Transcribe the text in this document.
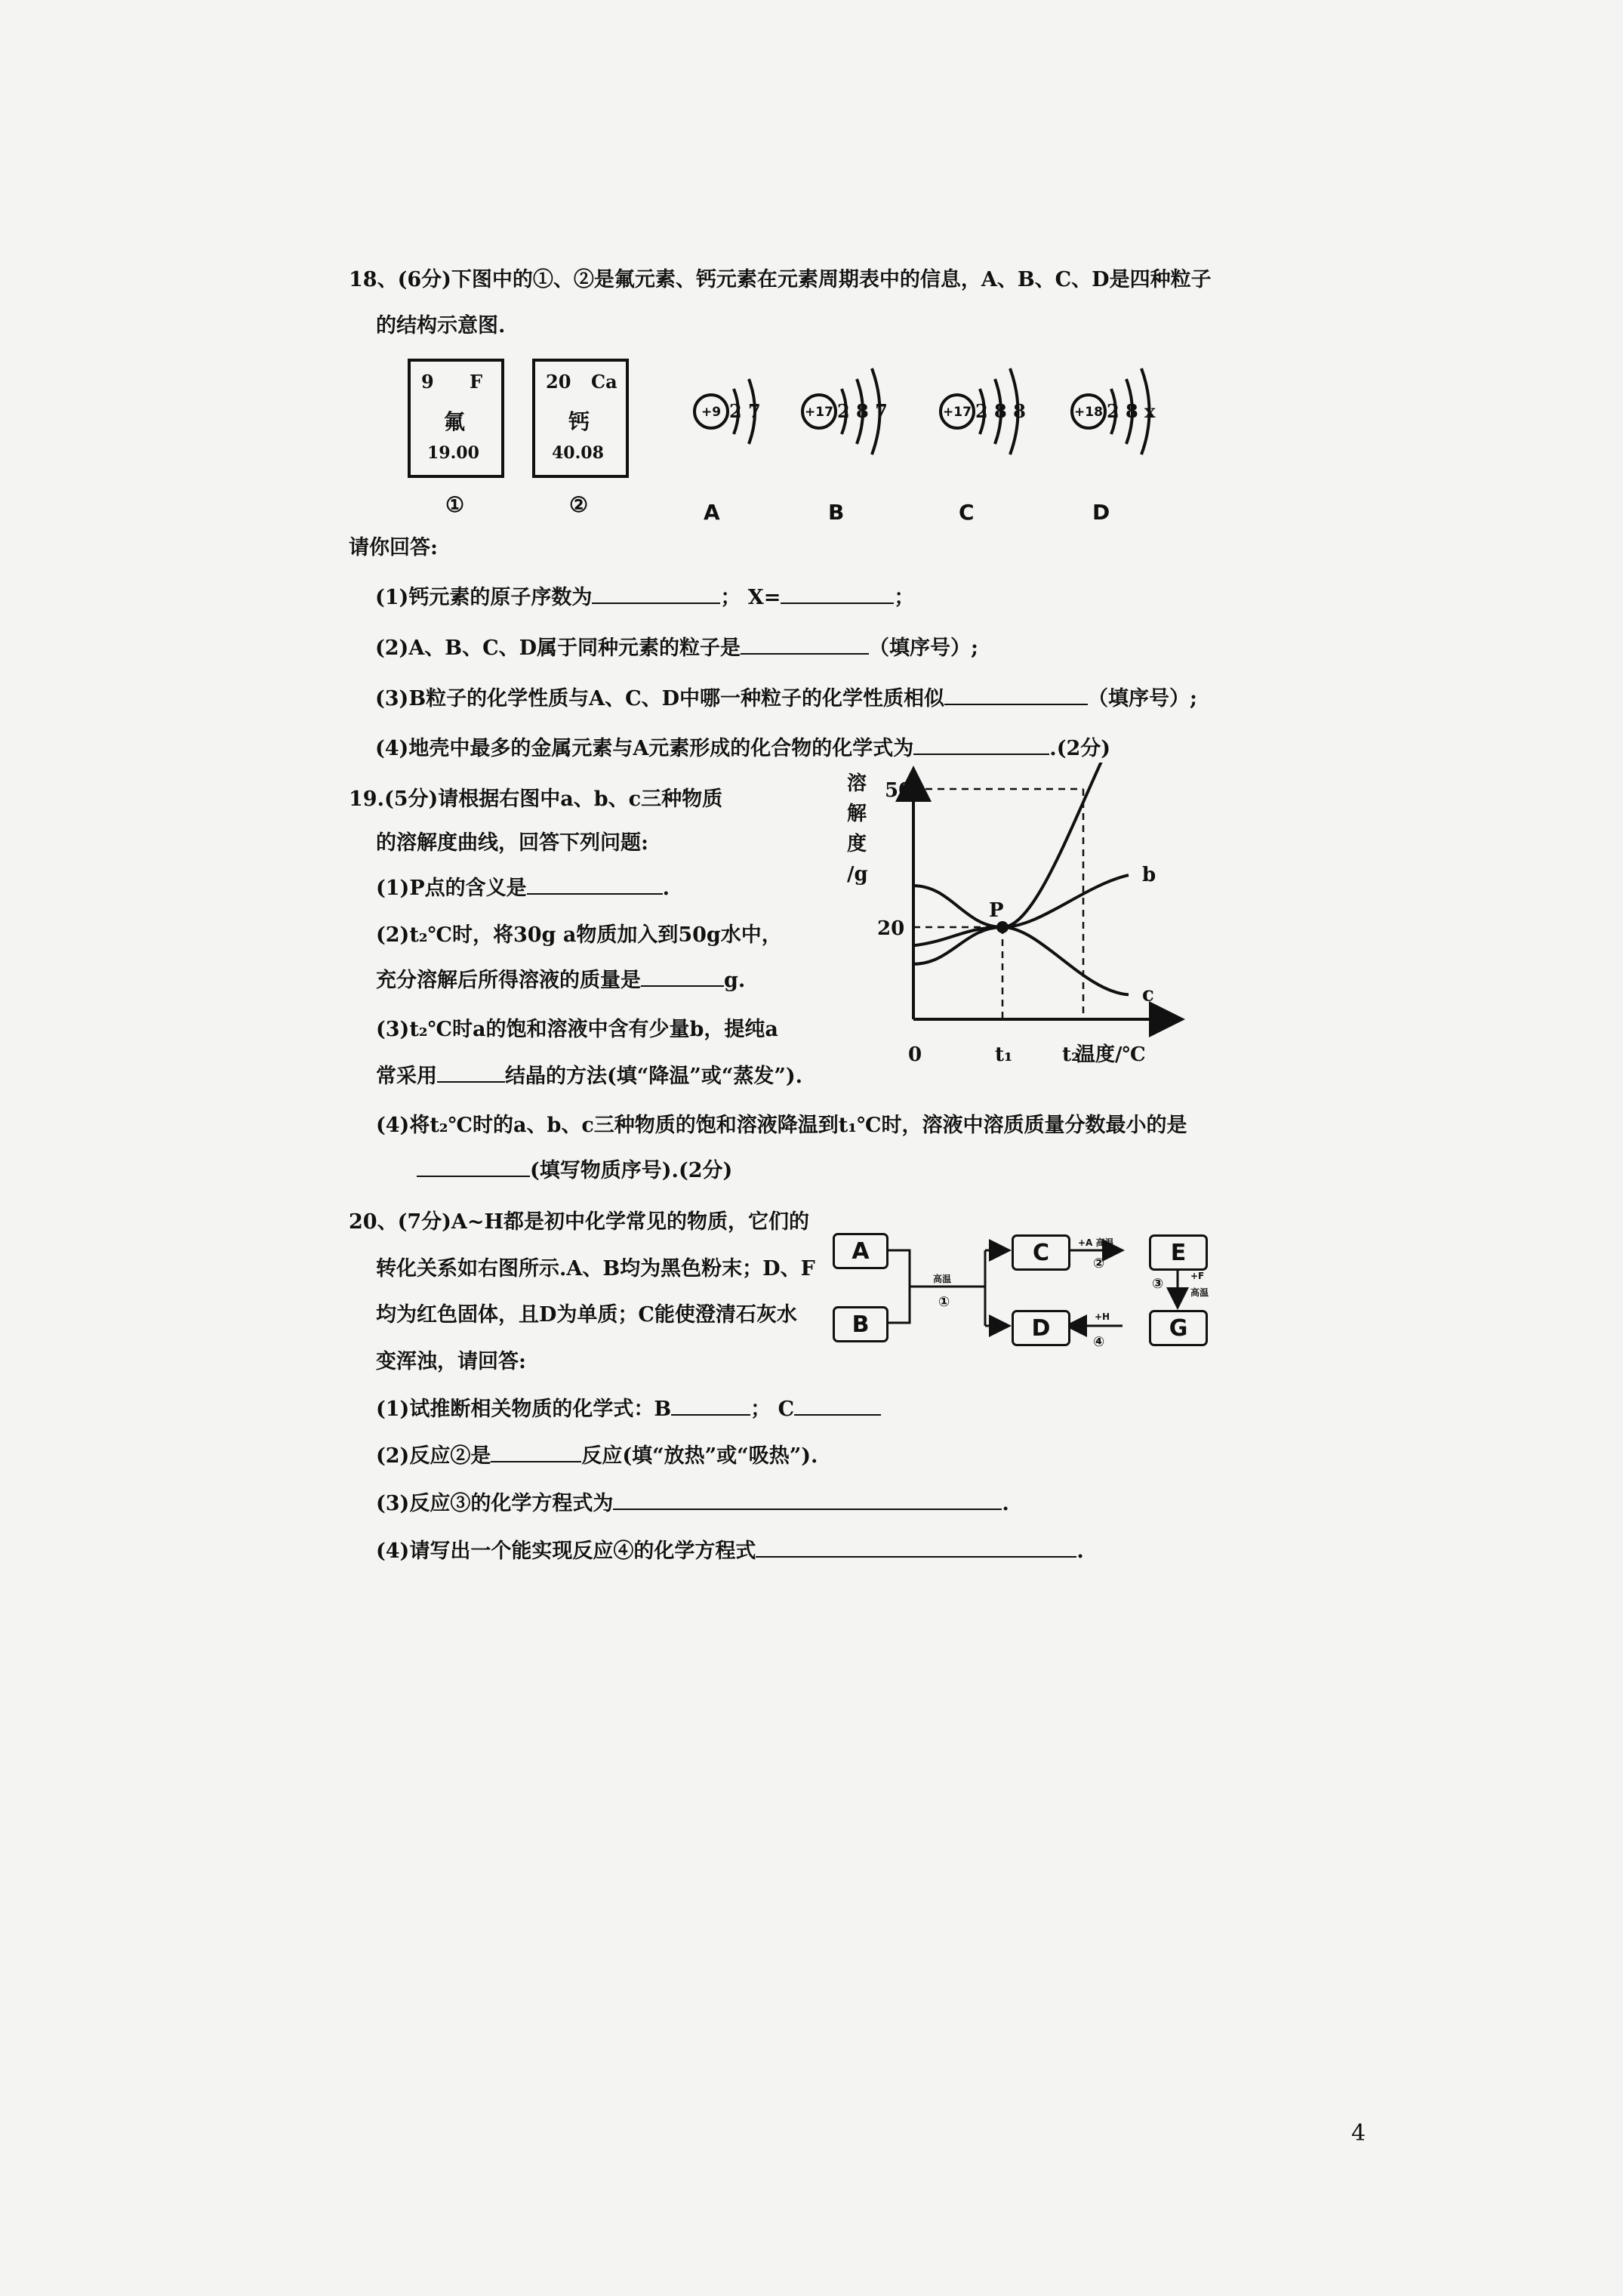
18、(6分)下图中的①、②是氟元素、钙元素在元素周期表中的信息，A、B、C、D是四种粒子
的结构示意图.
9 F
氟
19.00
①
20 Ca
钙
40.08
②
+9	+17	+17	+18
2 7	2 8 7	2 8 8	2 8 x
A	B	C	D
请你回答:
(1)钙元素的原子序数为	； X=	；
(2)A、B、C、D属于同种元素的粒子是	（填序号）;
(3)B粒子的化学性质与A、C、D中哪一种粒子的化学性质相似	（填序号）;
(4)地壳中最多的金属元素与A元素形成的化合物的化学式为	.(2分)
19.(5分)请根据右图中a、b、c三种物质
的溶解度曲线，回答下列问题:
(1)P点的含义是	.
(2)t₂℃时，将30g a物质加入到50g水中，
充分溶解后所得溶液的质量是	g.
(3)t₂℃时a的饱和溶液中含有少量b，提纯a
常采用	结晶的方法(填“降温”或“蒸发”).
(4)将t₂℃时的a、b、c三种物质的饱和溶液降温到t₁℃时，溶液中溶质质量分数最小的是
(填写物质序号).(2分)
溶
解
度
/g
0	温度/℃
50
20
t₁	t₂
P
b
c
20、(7分)A~H都是初中化学常见的物质，它们的
转化关系如右图所示.A、B均为黑色粉末；D、F
均为红色固体，且D为单质；C能使澄清石灰水
变浑浊，请回答:
(1)试推断相关物质的化学式：B	； C
(2)反应②是	反应(填“放热”或“吸热”).
(3)反应③的化学方程式为	.
(4)请写出一个能实现反应④的化学方程式	.
A
B
C
D
E
G
高温
①
+A 高温
②
+F
高温
③
+H
④
4
